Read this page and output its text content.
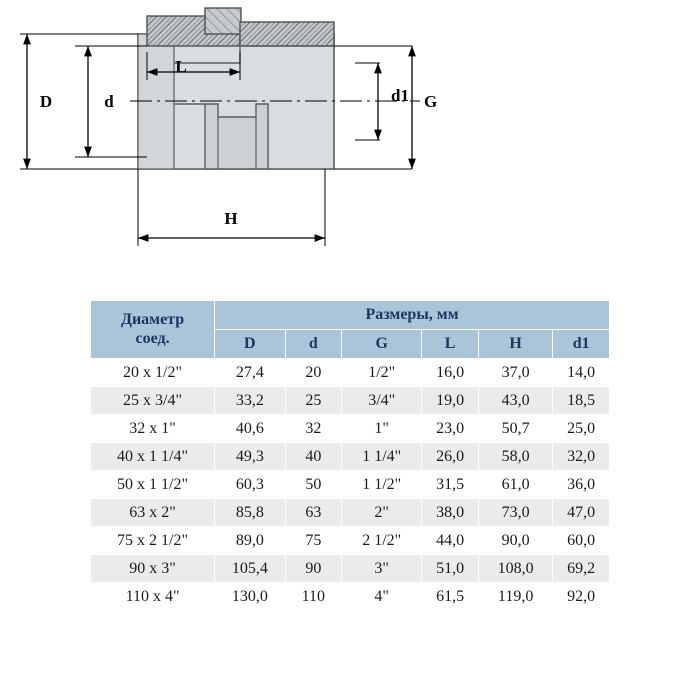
D	d
L
d1 G
H
Диаметр
соед.	Размеры, мм					
	D	d	G	L	H	d1
20 x 1/2"	27,4	20	1/2"	16,0	37,0	14,0
25 x 3/4"	33,2	25	3/4"	19,0	43,0	18,5
32 x 1"	40,6	32	1"	23,0	50,7	25,0
40 x 1 1/4"	49,3	40	1 1/4"	26,0	58,0	32,0
50 x 1 1/2"	60,3	50	1 1/2"	31,5	61,0	36,0
63 x 2"	85,8	63	2"	38,0	73,0	47,0
75 x 2 1/2"	89,0	75	2 1/2"	44,0	90,0	60,0
90 x 3"	105,4	90	3"	51,0	108,0	69,2
110 x 4"	130,0	110	4"	61,5	119,0	92,0
